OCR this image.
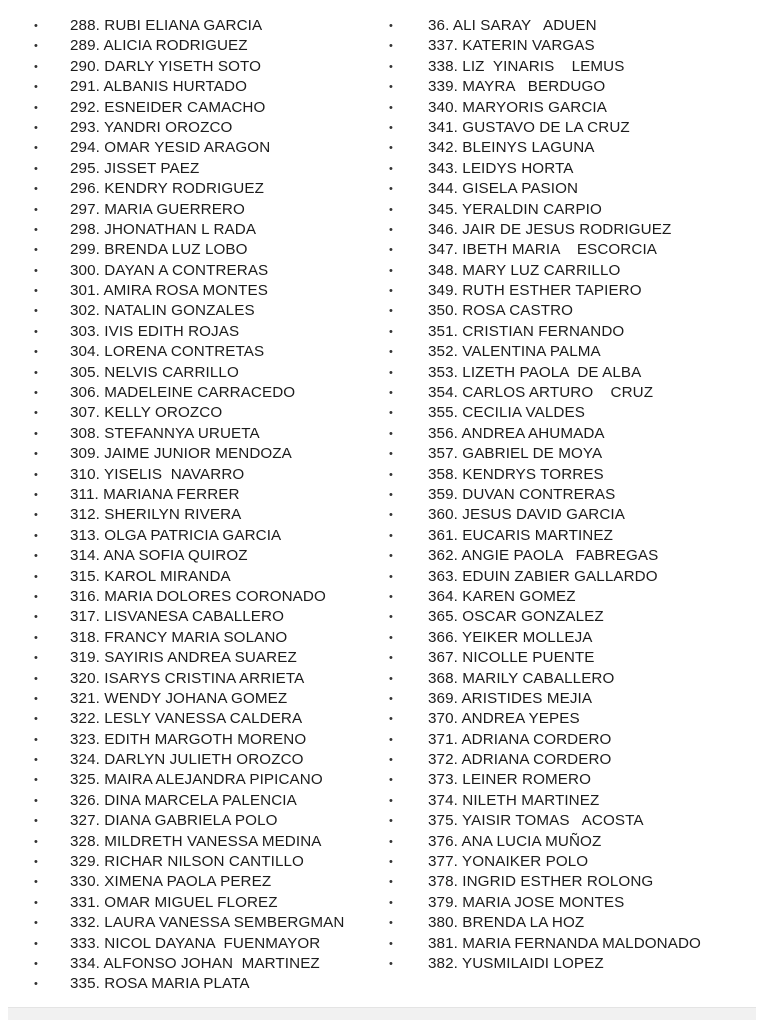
• 288. RUBI ELIANA GARCIA
• 289. ALICIA RODRIGUEZ
• 290. DARLY YISETH SOTO
• 291. ALBANIS HURTADO
• 292. ESNEIDER CAMACHO
• 293. YANDRI OROZCO
• 294. OMAR YESID ARAGON
• 295. JISSET PAEZ
• 296. KENDRY RODRIGUEZ
• 297. MARIA GUERRERO
• 298. JHONATHAN L RADA
• 299. BRENDA LUZ LOBO
• 300. DAYAN A CONTRERAS
• 301. AMIRA ROSA MONTES
• 302. NATALIN GONZALES
• 303. IVIS EDITH ROJAS
• 304. LORENA CONTRETAS
• 305. NELVIS CARRILLO
• 306. MADELEINE CARRACEDO
• 307. KELLY OROZCO
• 308. STEFANNYA URUETA
• 309. JAIME JUNIOR MENDOZA
• 310. YISELIS  NAVARRO
• 311. MARIANA FERRER
• 312. SHERILYN RIVERA
• 313. OLGA PATRICIA GARCIA
• 314. ANA SOFIA QUIROZ
• 315. KAROL MIRANDA
• 316. MARIA DOLORES CORONADO
• 317. LISVANESA CABALLERO
• 318. FRANCY MARIA SOLANO
• 319. SAYIRIS ANDREA SUAREZ
• 320. ISARYS CRISTINA ARRIETA
• 321. WENDY JOHANA GOMEZ
• 322. LESLY VANESSA CALDERA
• 323. EDITH MARGOTH MORENO
• 324. DARLYN JULIETH OROZCO
• 325. MAIRA ALEJANDRA PIPICANO
• 326. DINA MARCELA PALENCIA
• 327. DIANA GABRIELA POLO
• 328. MILDRETH VANESSA MEDINA
• 329. RICHAR NILSON CANTILLO
• 330. XIMENA PAOLA PEREZ
• 331. OMAR MIGUEL FLOREZ
• 332. LAURA VANESSA SEMBERGMAN
• 333. NICOL DAYANA  FUENMAYOR
• 334. ALFONSO JOHAN  MARTINEZ
• 335. ROSA MARIA PLATA
• 36. ALI SARAY   ADUEN
• 337. KATERIN VARGAS
• 338. LIZ  YINARIS    LEMUS
• 339. MAYRA   BERDUGO
• 340. MARYORIS GARCIA
• 341. GUSTAVO DE LA CRUZ
• 342. BLEINYS LAGUNA
• 343. LEIDYS HORTA
• 344. GISELA PASION
• 345. YERALDIN CARPIO
• 346. JAIR DE JESUS RODRIGUEZ
• 347. IBETH MARIA    ESCORCIA
• 348. MARY LUZ CARRILLO
• 349. RUTH ESTHER TAPIERO
• 350. ROSA CASTRO
• 351. CRISTIAN FERNANDO
• 352. VALENTINA PALMA
• 353. LIZETH PAOLA  DE ALBA
• 354. CARLOS ARTURO    CRUZ
• 355. CECILIA VALDES
• 356. ANDREA AHUMADA
• 357. GABRIEL DE MOYA
• 358. KENDRYS TORRES
• 359. DUVAN CONTRERAS
• 360. JESUS DAVID GARCIA
• 361. EUCARIS MARTINEZ
• 362. ANGIE PAOLA   FABREGAS
• 363. EDUIN ZABIER GALLARDO
• 364. KAREN GOMEZ
• 365. OSCAR GONZALEZ
• 366. YEIKER MOLLEJA
• 367. NICOLLE PUENTE
• 368. MARILY CABALLERO
• 369. ARISTIDES MEJIA
• 370. ANDREA YEPES
• 371. ADRIANA CORDERO
• 372. ADRIANA CORDERO
• 373. LEINER ROMERO
• 374. NILETH MARTINEZ
• 375. YAISIR TOMAS   ACOSTA
• 376. ANA LUCIA MUÑOZ
• 377. YONAIKER POLO
• 378. INGRID ESTHER ROLONG
• 379. MARIA JOSE MONTES
• 380. BRENDA LA HOZ
• 381. MARIA FERNANDA MALDONADO
• 382. YUSMILAIDI LOPEZ
